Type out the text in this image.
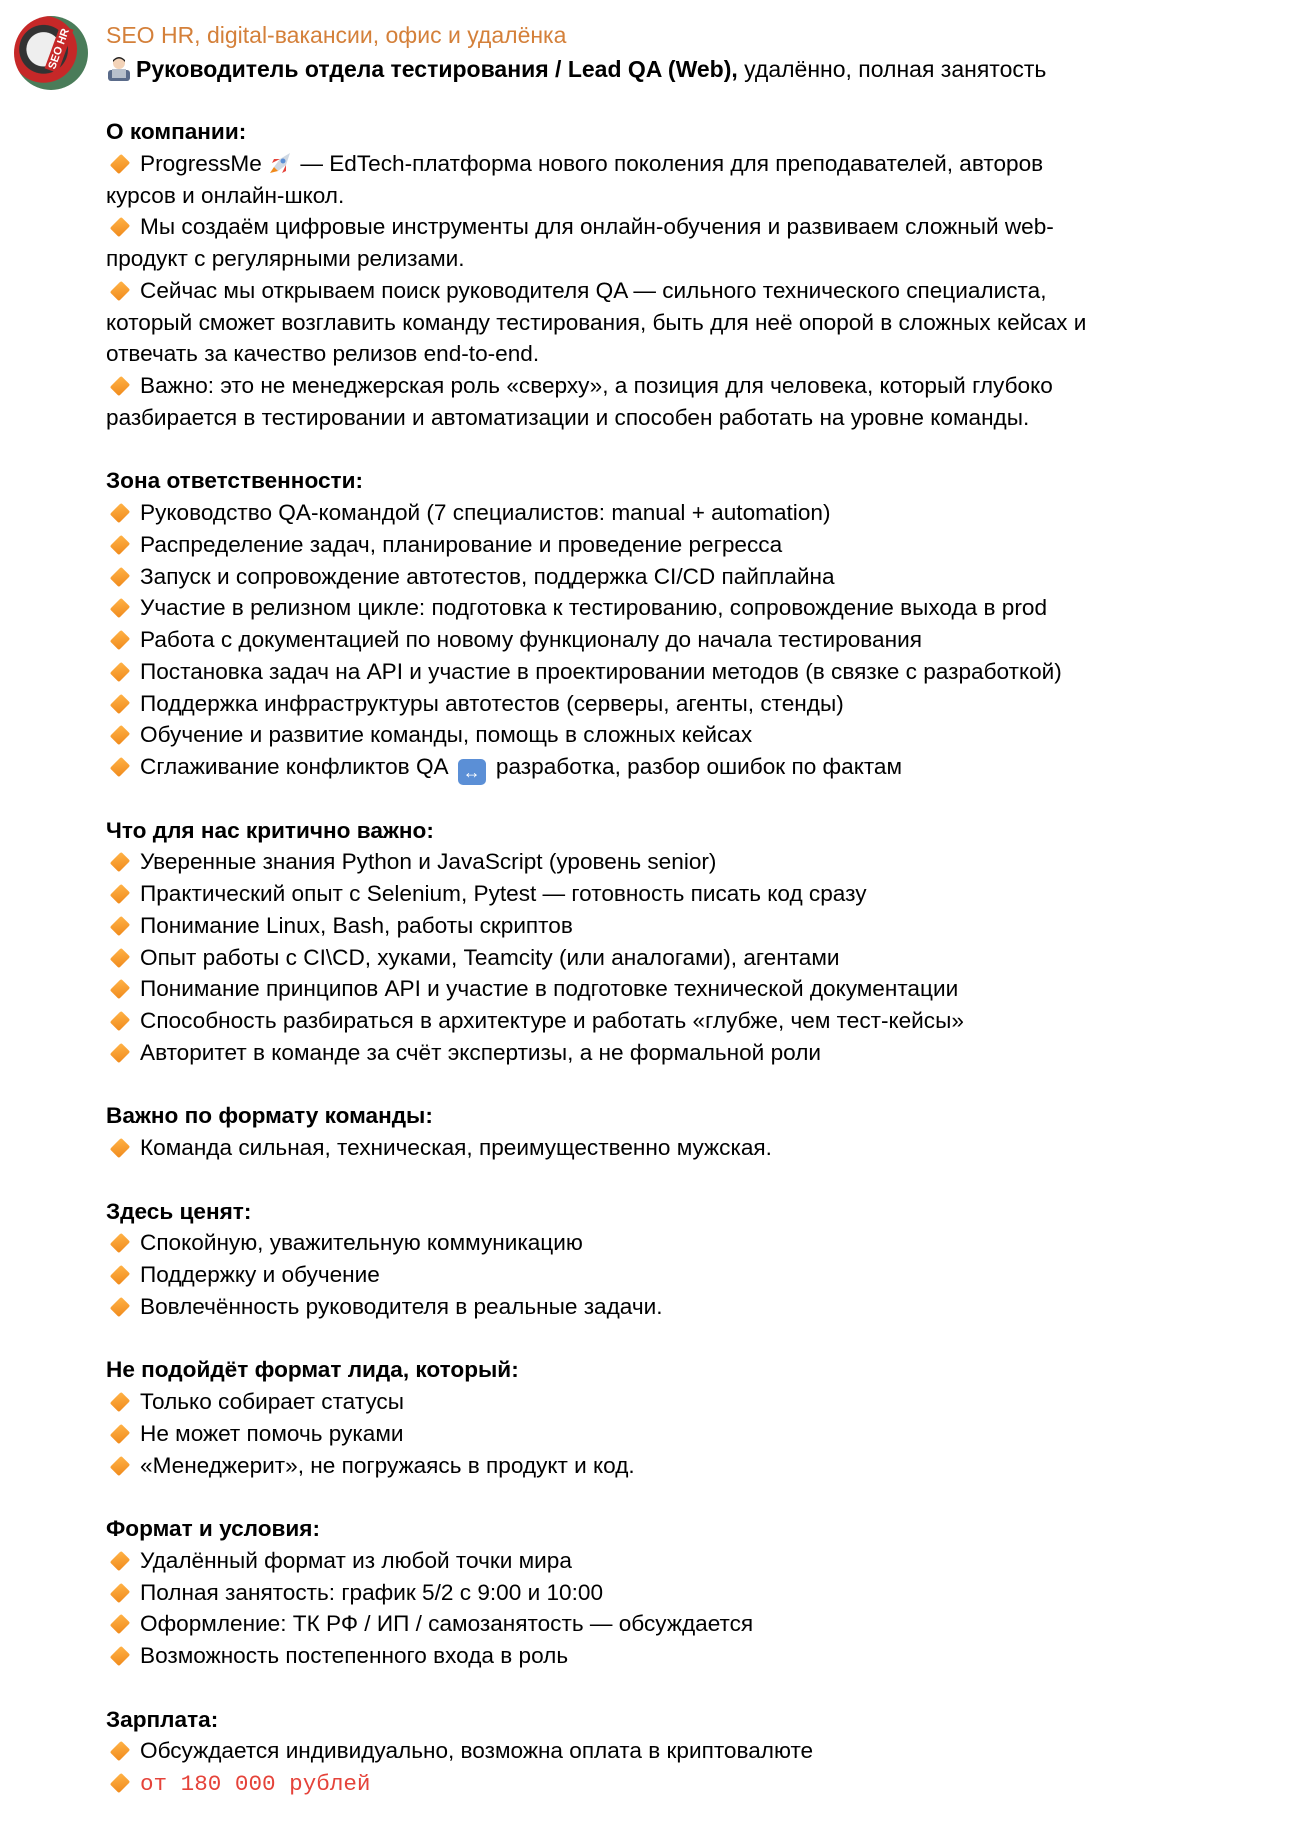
SEO HR SEO HR, digital-вакансии, офис и удалёнка
Руководитель отдела тестирования / Lead QA (Web), удалённо, полная занятость
О компании:
ProgressMe — EdTech-платформа нового поколения для преподавателей, авторов
курсов и онлайн-школ.
Мы создаём цифровые инструменты для онлайн-обучения и развиваем сложный web-
продукт с регулярными релизами.
Сейчас мы открываем поиск руководителя QA — сильного технического специалиста,
который сможет возглавить команду тестирования, быть для неё опорой в сложных кейсах и
отвечать за качество релизов end-to-end.
Важно: это не менеджерская роль «сверху», а позиция для человека, который глубоко
разбирается в тестировании и автоматизации и способен работать на уровне команды.
Зона ответственности:
Руководство QA-командой (7 специалистов: manual + automation)
Распределение задач, планирование и проведение регресса
Запуск и сопровождение автотестов, поддержка CI/CD пайплайна
Участие в релизном цикле: подготовка к тестированию, сопровождение выхода в prod
Работа с документацией по новому функционалу до начала тестирования
Постановка задач на API и участие в проектировании методов (в связке с разработкой)
Поддержка инфраструктуры автотестов (серверы, агенты, стенды)
Обучение и развитие команды, помощь в сложных кейсах
Сглаживание конфликтов QA ↔ разработка, разбор ошибок по фактам
Что для нас критично важно:
Уверенные знания Python и JavaScript (уровень senior)
Практический опыт с Selenium, Pytest — готовность писать код сразу
Понимание Linux, Bash, работы скриптов
Опыт работы с CI\CD, хуками, Teamcity (или аналогами), агентами
Понимание принципов API и участие в подготовке технической документации
Способность разбираться в архитектуре и работать «глубже, чем тест-кейсы»
Авторитет в команде за счёт экспертизы, а не формальной роли
Важно по формату команды:
Команда сильная, техническая, преимущественно мужская.
Здесь ценят:
Спокойную, уважительную коммуникацию
Поддержку и обучение
Вовлечённость руководителя в реальные задачи.
Не подойдёт формат лида, который:
Только собирает статусы
Не может помочь руками
«Менеджерит», не погружаясь в продукт и код.
Формат и условия:
Удалённый формат из любой точки мира
Полная занятость: график 5/2 с 9:00 и 10:00
Оформление: ТК РФ / ИП / самозанятость — обсуждается
Возможность постепенного входа в роль
Зарплата:
Обсуждается индивидуально, возможна оплата в криптовалюте
от 180 000 рублей
